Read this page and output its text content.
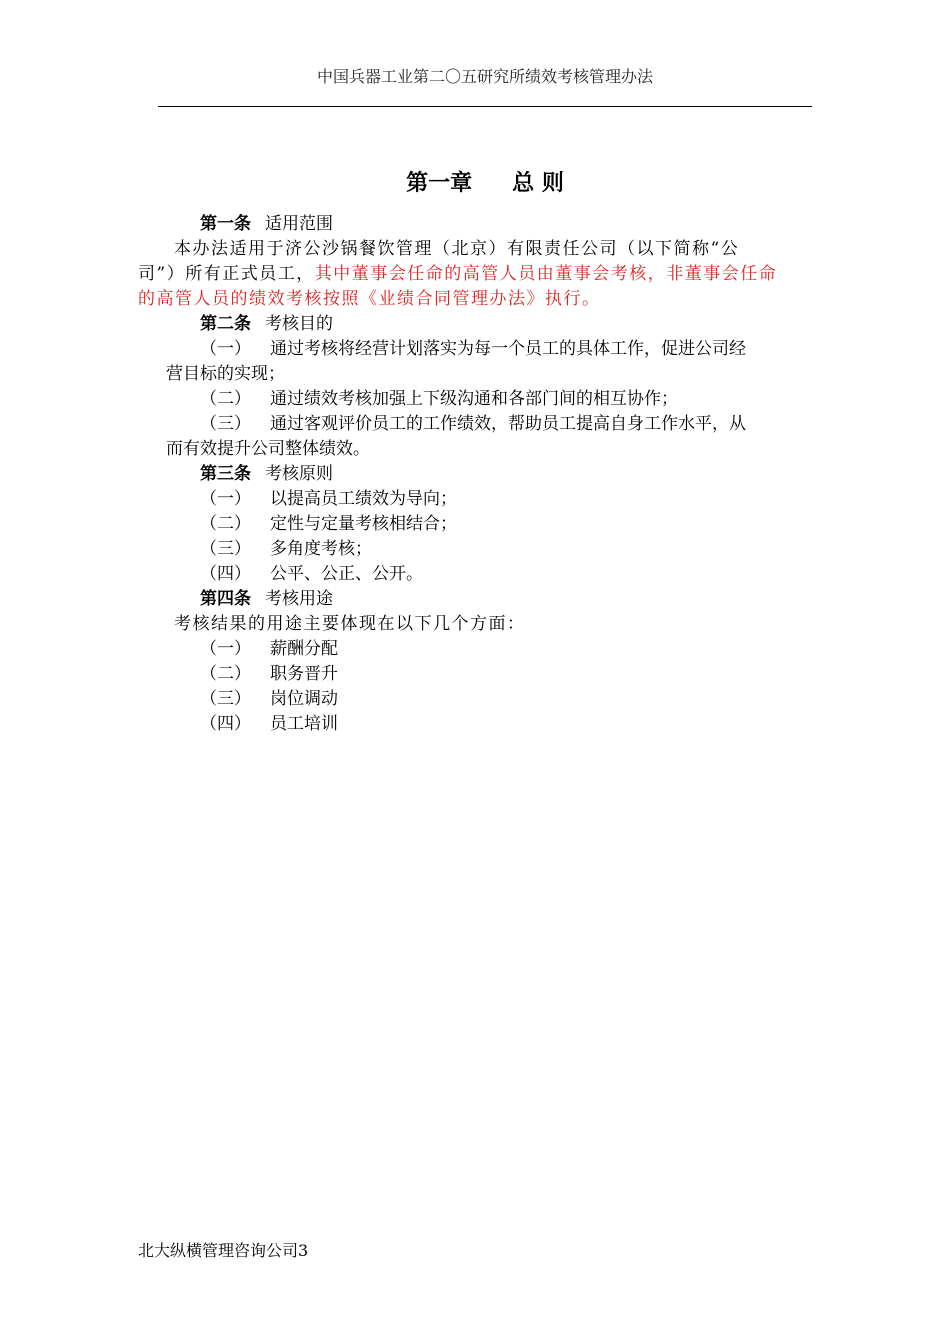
中国兵器工业第二〇五研究所绩效考核管理办法
第一章 总 则
第一条 适用范围
本办法适用于济公沙锅餐饮管理（北京）有限责任公司（以下简称“公
司”）所有正式员工，其中董事会任命的高管人员由董事会考核，非董事会任命
的高管人员的绩效考核按照《业绩合同管理办法》执行。
第二条 考核目的
（一） 通过考核将经营计划落实为每一个员工的具体工作，促进公司经
营目标的实现；
（二） 通过绩效考核加强上下级沟通和各部门间的相互协作；
（三） 通过客观评价员工的工作绩效，帮助员工提高自身工作水平，从
而有效提升公司整体绩效。
第三条 考核原则
（一） 以提高员工绩效为导向；
（二） 定性与定量考核相结合；
（三） 多角度考核；
（四） 公平、公正、公开。
第四条 考核用途
考核结果的用途主要体现在以下几个方面：
（一） 薪酬分配
（二） 职务晋升
（三） 岗位调动
（四） 员工培训
北大纵横管理咨询公司3
